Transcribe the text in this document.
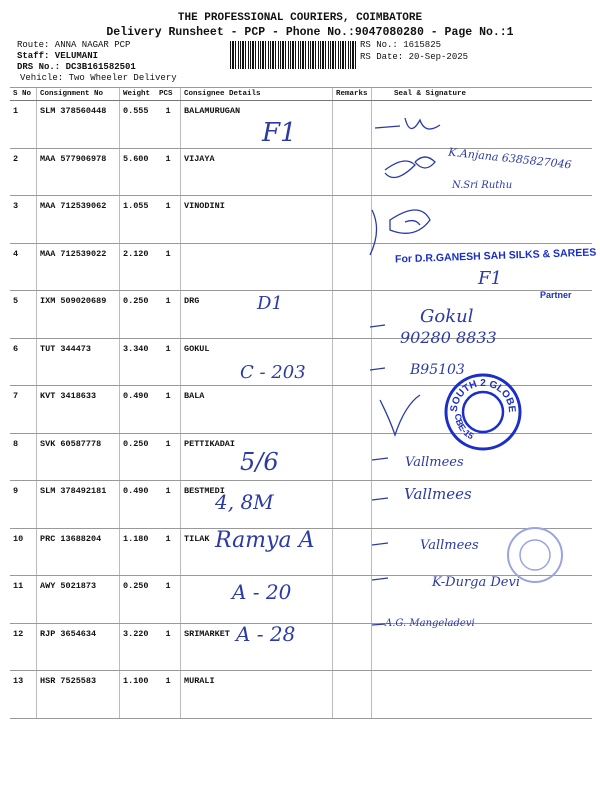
THE PROFESSIONAL COURIERS, COIMBATORE
Delivery Runsheet - PCP - Phone No.:9047080280 - Page No.:1
Route: ANNA NAGAR PCP
Staff: VELUMANI
DRS No.: DC3B161582501
Vehicle: Two Wheeler Delivery
RS No.: 1615825
RS Date: 20-Sep-2025
S No	Consignment No	Weight	PCS	Consignee Details	Remarks	Seal & Signature
1	SLM 378560448	0.555	1	BALAMURUGAN		
2	MAA 577906978	5.600	1	VIJAYA		
3	MAA 712539062	1.055	1	VINODINI		
4	MAA 712539022	2.120	1			
5	IXM 509020689	0.250	1	DRG		
6	TUT 344473	3.340	1	GOKUL		
7	KVT 3418633	0.490	1	BALA		
8	SVK 60587778	0.250	1	PETTIKADAI		
9	SLM 378492181	0.490	1	BESTMEDI		
10	PRC 13688204	1.180	1	TILAK		
11	AWY 5021873	0.250	1			
12	RJP 3654634	3.220	1	SRIMARKET		
13	HSR 7525583	1.100	1	MURALI		
F1
K.Anjana 6385827046
N.Sri Ruthu
D1
Gokul
90280 8833
C - 203	B95103
5/6	Vallmees
Vallmees
4, 8M
Ramya A	Vallmees
A - 20	K-Durga Devi
A - 28	A.G. Mangeladevi
For D.R.GANESH SAH SILKS & SAREES
F1
Partner
SOUTH 2 GLOBE
CBE-15
